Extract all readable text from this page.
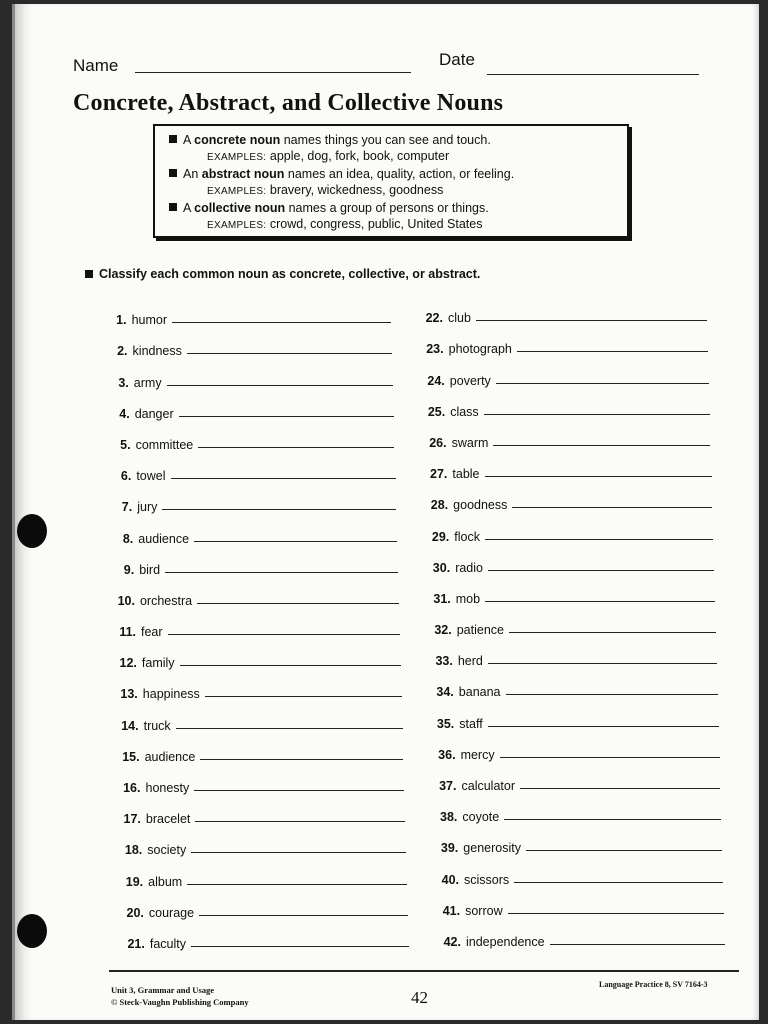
Name	Date
Concrete, Abstract, and Collective Nouns
A concrete noun names things you can see and touch.
EXAMPLES: apple, dog, fork, book, computer
An abstract noun names an idea, quality, action, or feeling.
EXAMPLES: bravery, wickedness, goodness
A collective noun names a group of persons or things.
EXAMPLES: crowd, congress, public, United States
Classify each common noun as concrete, collective, or abstract.
1. humor
2. kindness
3. army
4. danger
5. committee
6. towel
7. jury
8. audience
9. bird
10. orchestra
11. fear
12. family
13. happiness
14. truck
15. audience
16. honesty
17. bracelet
18. society
19. album
20. courage
21. faculty
22. club
23. photograph
24. poverty
25. class
26. swarm
27. table
28. goodness
29. flock
30. radio
31. mob
32. patience
33. herd
34. banana
35. staff
36. mercy
37. calculator
38. coyote
39. generosity
40. scissors
41. sorrow
42. independence
Unit 3, Grammar and Usage
© Steck-Vaughn Publishing Company	42
Language Practice 8, SV 7164-3
